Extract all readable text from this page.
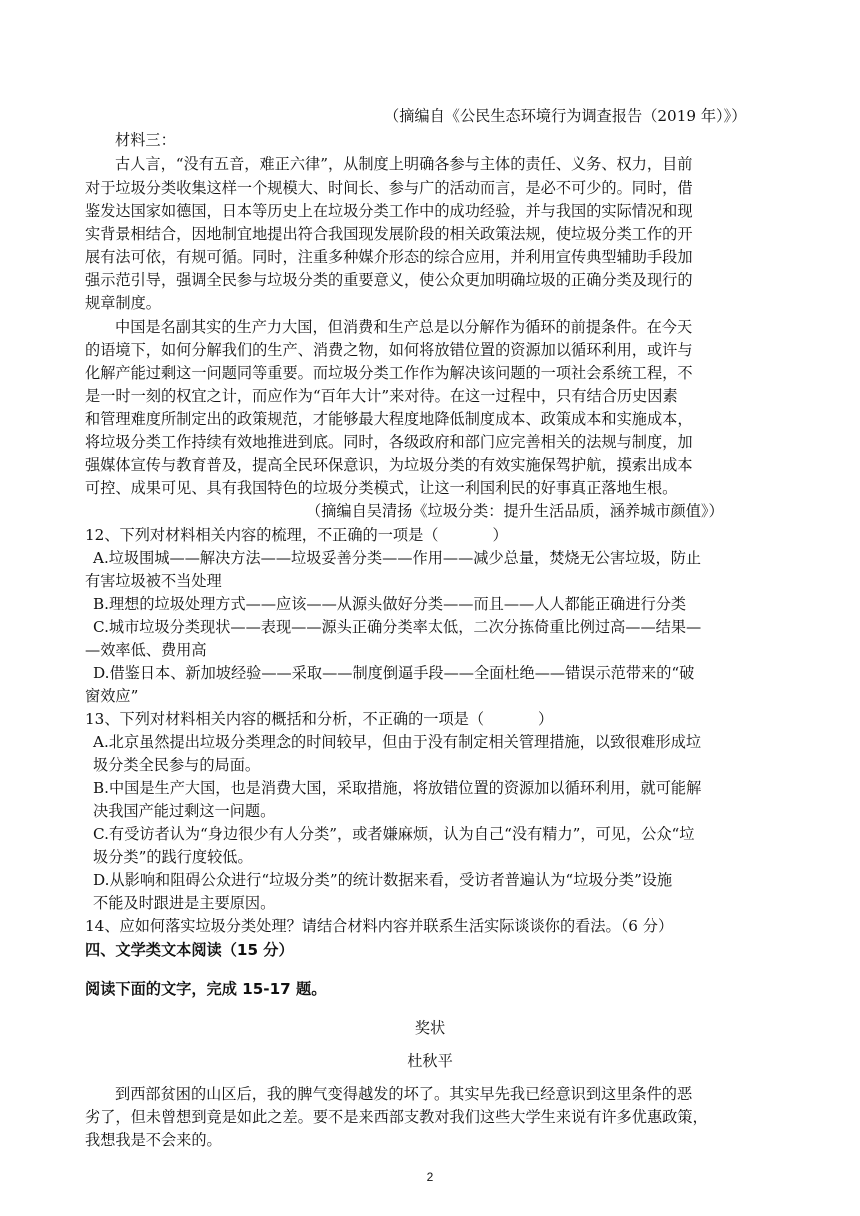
（摘编自《公民生态环境行为调查报告（2019 年）》）
材料三：
古人言，“没有五音，难正六律”，从制度上明确各参与主体的责任、义务、权力，目前
对于垃圾分类收集这样一个规模大、时间长、参与广的活动而言，是必不可少的。同时，借
鉴发达国家如德国，日本等历史上在垃圾分类工作中的成功经验，并与我国的实际情况和现
实背景相结合，因地制宜地提出符合我国现发展阶段的相关政策法规，使垃圾分类工作的开
展有法可依，有规可循。同时，注重多种媒介形态的综合应用，并利用宣传典型辅助手段加
强示范引导，强调全民参与垃圾分类的重要意义，使公众更加明确垃圾的正确分类及现行的
规章制度。
中国是名副其实的生产力大国，但消费和生产总是以分解作为循环的前提条件。在今天
的语境下，如何分解我们的生产、消费之物，如何将放错位置的资源加以循环利用，或许与
化解产能过剩这一问题同等重要。而垃圾分类工作作为解决该问题的一项社会系统工程，不
是一时一刻的权宜之计，而应作为“百年大计”来对待。在这一过程中，只有结合历史因素
和管理难度所制定出的政策规范，才能够最大程度地降低制度成本、政策成本和实施成本，
将垃圾分类工作持续有效地推进到底。同时，各级政府和部门应完善相关的法规与制度，加
强媒体宣传与教育普及，提高全民环保意识，为垃圾分类的有效实施保驾护航，摸索出成本
可控、成果可见、具有我国特色的垃圾分类模式，让这一利国利民的好事真正落地生根。
（摘编自吴清扬《垃圾分类：提升生活品质，涵养城市颜值》）
12、下列对材料相关内容的梳理，不正确的一项是（	）
A.垃圾围城——解决方法——垃圾妥善分类——作用——减少总量，焚烧无公害垃圾，防止
有害垃圾被不当处理
B.理想的垃圾处理方式——应该——从源头做好分类——而且——人人都能正确进行分类
C.城市垃圾分类现状——表现——源头正确分类率太低，二次分拣倚重比例过高——结果—
—效率低、费用高
D.借鉴日本、新加坡经验——采取——制度倒逼手段——全面杜绝——错误示范带来的“破
窗效应”
13、下列对材料相关内容的概括和分析，不正确的一项是（	）
A.北京虽然提出垃圾分类理念的时间较早，但由于没有制定相关管理措施，以致很难形成垃
圾分类全民参与的局面。
B.中国是生产大国，也是消费大国，采取措施，将放错位置的资源加以循环利用，就可能解
决我国产能过剩这一问题。
C.有受访者认为“身边很少有人分类”，或者嫌麻烦，认为自己“没有精力”，可见，公众“垃
圾分类”的践行度较低。
D.从影响和阻碍公众进行“垃圾分类”的统计数据来看，受访者普遍认为“垃圾分类”设施
不能及时跟进是主要原因。
14、应如何落实垃圾分类处理？请结合材料内容并联系生活实际谈谈你的看法。（6 分）
四、文学类文本阅读（15 分）
阅读下面的文字，完成 15-17 题。
奖状
杜秋平
到西部贫困的山区后，我的脾气变得越发的坏了。其实早先我已经意识到这里条件的恶
劣了，但未曾想到竟是如此之差。要不是来西部支教对我们这些大学生来说有许多优惠政策，
我想我是不会来的。
2
